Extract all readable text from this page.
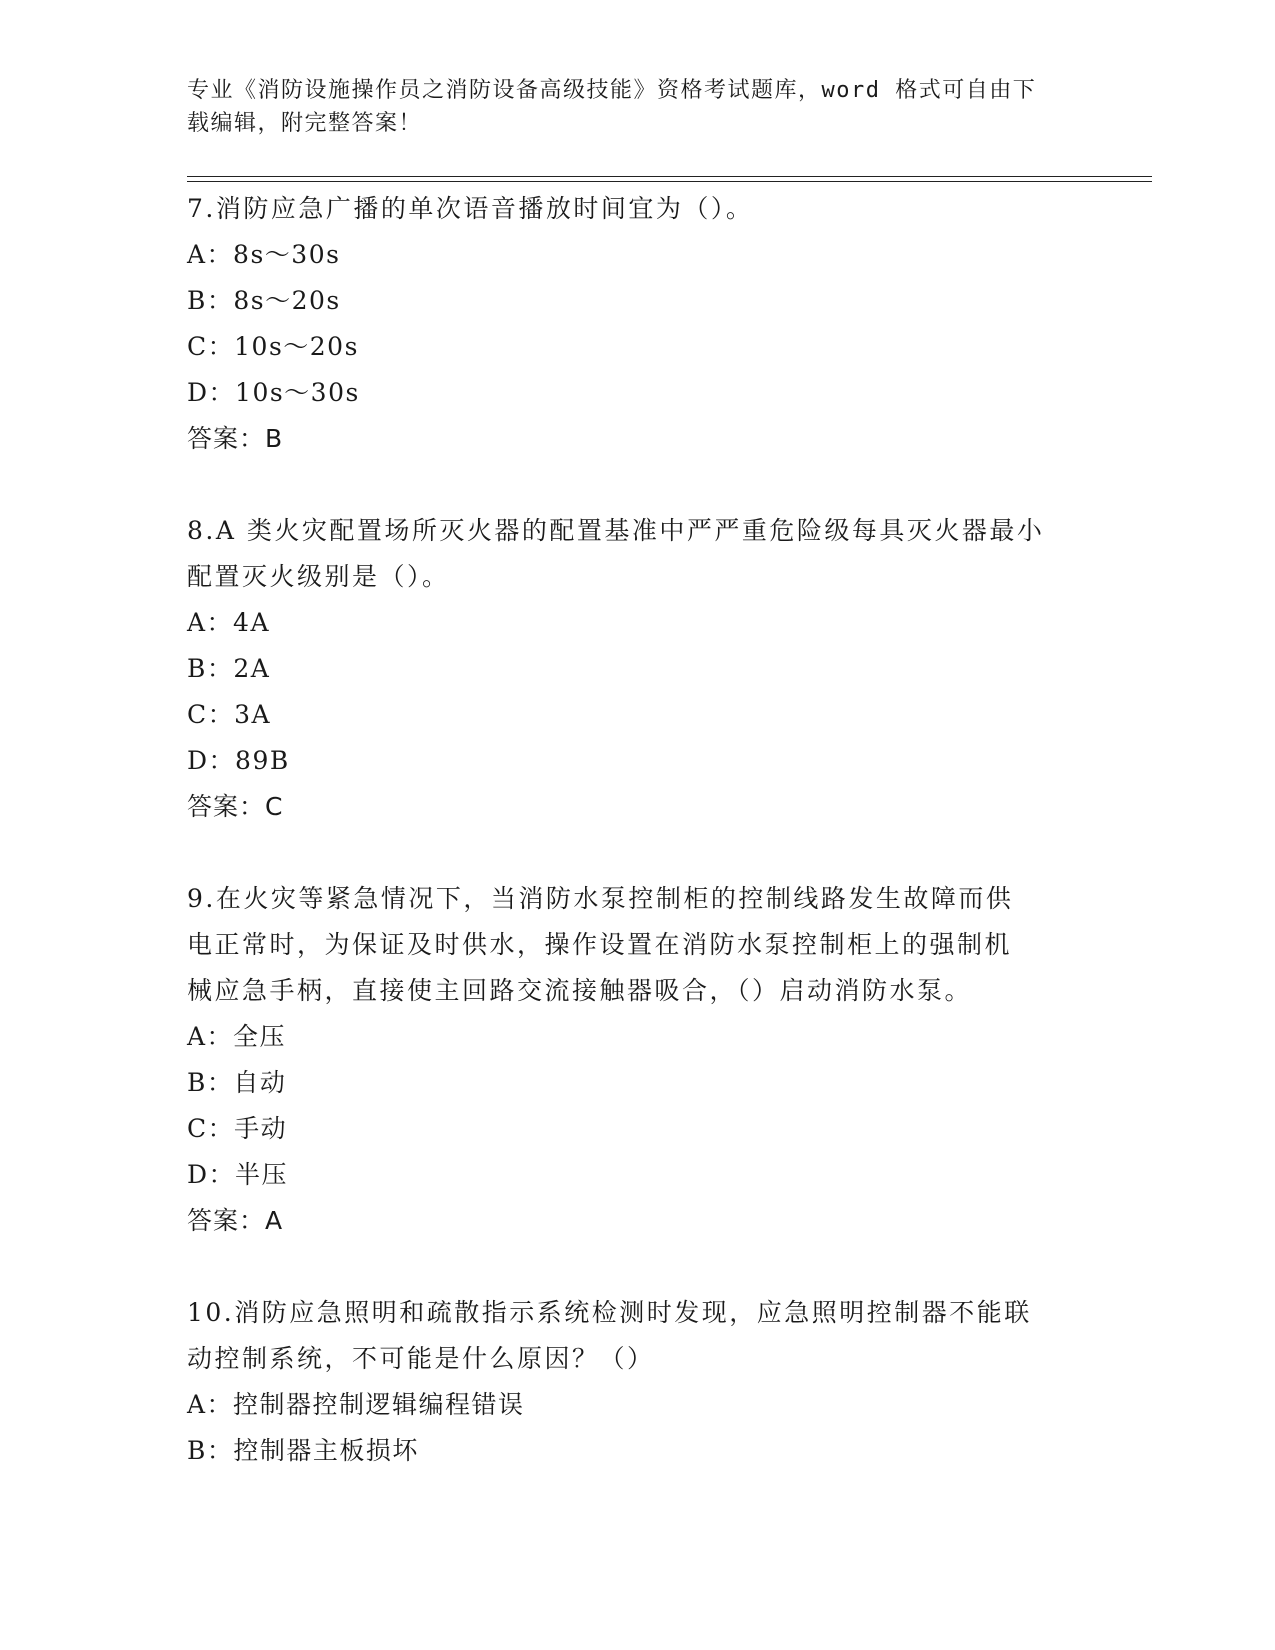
专业《消防设施操作员之消防设备高级技能》资格考试题库，word 格式可自由下
载编辑，附完整答案！
7.消防应急广播的单次语音播放时间宜为（）。
A：8s～30s
B：8s～20s
C：10s～20s
D：10s～30s
答案：B
8.A 类火灾配置场所灭火器的配置基准中严严重危险级每具灭火器最小
配置灭火级别是（）。
A：4A
B：2A
C：3A
D：89B
答案：C
9.在火灾等紧急情况下，当消防水泵控制柜的控制线路发生故障而供
电正常时，为保证及时供水，操作设置在消防水泵控制柜上的强制机
械应急手柄，直接使主回路交流接触器吸合，（）启动消防水泵。
A：全压
B：自动
C：手动
D：半压
答案：A
10.消防应急照明和疏散指示系统检测时发现，应急照明控制器不能联
动控制系统，不可能是什么原因？（）
A：控制器控制逻辑编程错误
B：控制器主板损坏
